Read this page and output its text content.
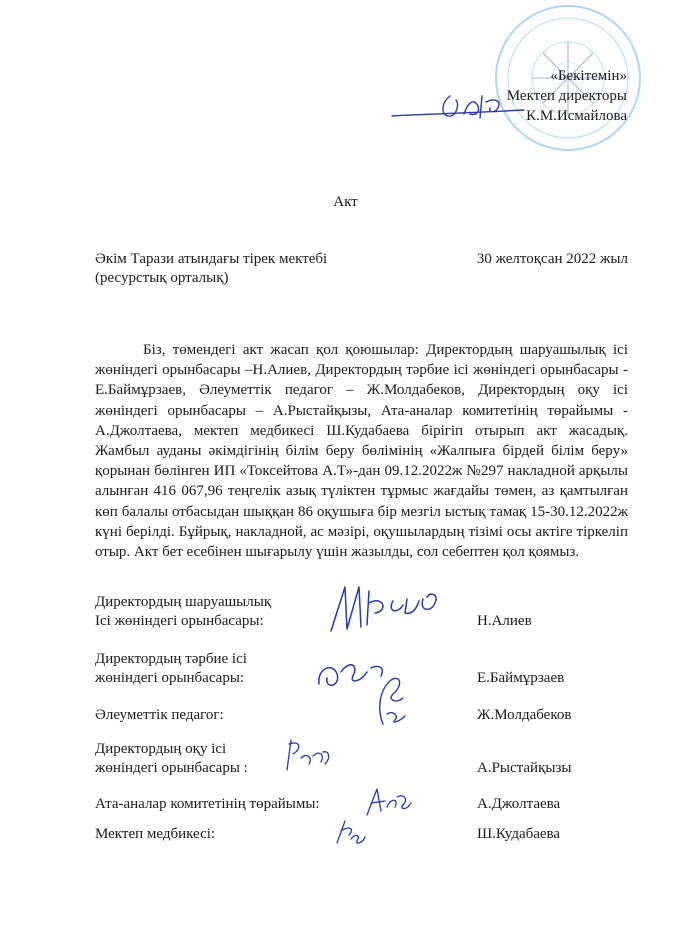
«Бекітемін»
Мектеп директоры
К.М.Исмайлова
Акт
Әкім Тарази атындағы тірек мектебі
(ресурстық орталық)
30 желтоқсан 2022 жыл
Біз, төмендегі акт жасап қол қоюшылар: Директордың шаруашылық ісі жөніндегі орынбасары –Н.Алиев, Директордың тәрбие ісі жөніндегі орынбасары - Е.Баймұрзаев, Әлеуметтік педагог – Ж.Молдабеков, Директордың оқу ісі жөніндегі орынбасары – А.Рыстайқызы, Ата-аналар комитетінің төрайымы - А.Джолтаева, мектеп медбикесі Ш.Кудабаева бірігіп отырып акт жасадық. Жамбыл ауданы әкімдігінің білім беру бөлімінің «Жалпыға бірдей білім беру» қорынан бөлінген ИП «Токсейтова А.Т»-дан 09.12.2022ж №297 накладной арқылы алынған 416 067,96 теңгелік азық түліктен тұрмыс жағдайы төмен, аз қамтылған көп балалы отбасыдан шыққан 86 оқушыға бір мезгіл ыстық тамақ 15-30.12.2022ж күні берілді. Бұйрық, накладной, ас мәзірі, оқушылардың тізімі осы актіге тіркеліп отыр. Акт бет есебінен шығарылу үшін жазылды, сол себептен қол қоямыз.
Директордың шаруашылық
Ісі жөніндегі орынбасары:	Н.Алиев
Директордың тәрбие ісі
жөніндегі орынбасары:	Е.Баймұрзаев
Әлеуметтік педагог:	Ж.Молдабеков
Директордың оқу ісі
жөніндегі орынбасары :	А.Рыстайқызы
Ата-аналар комитетінің төрайымы:	А.Джолтаева
Мектеп медбикесі:	Ш.Кудабаева
